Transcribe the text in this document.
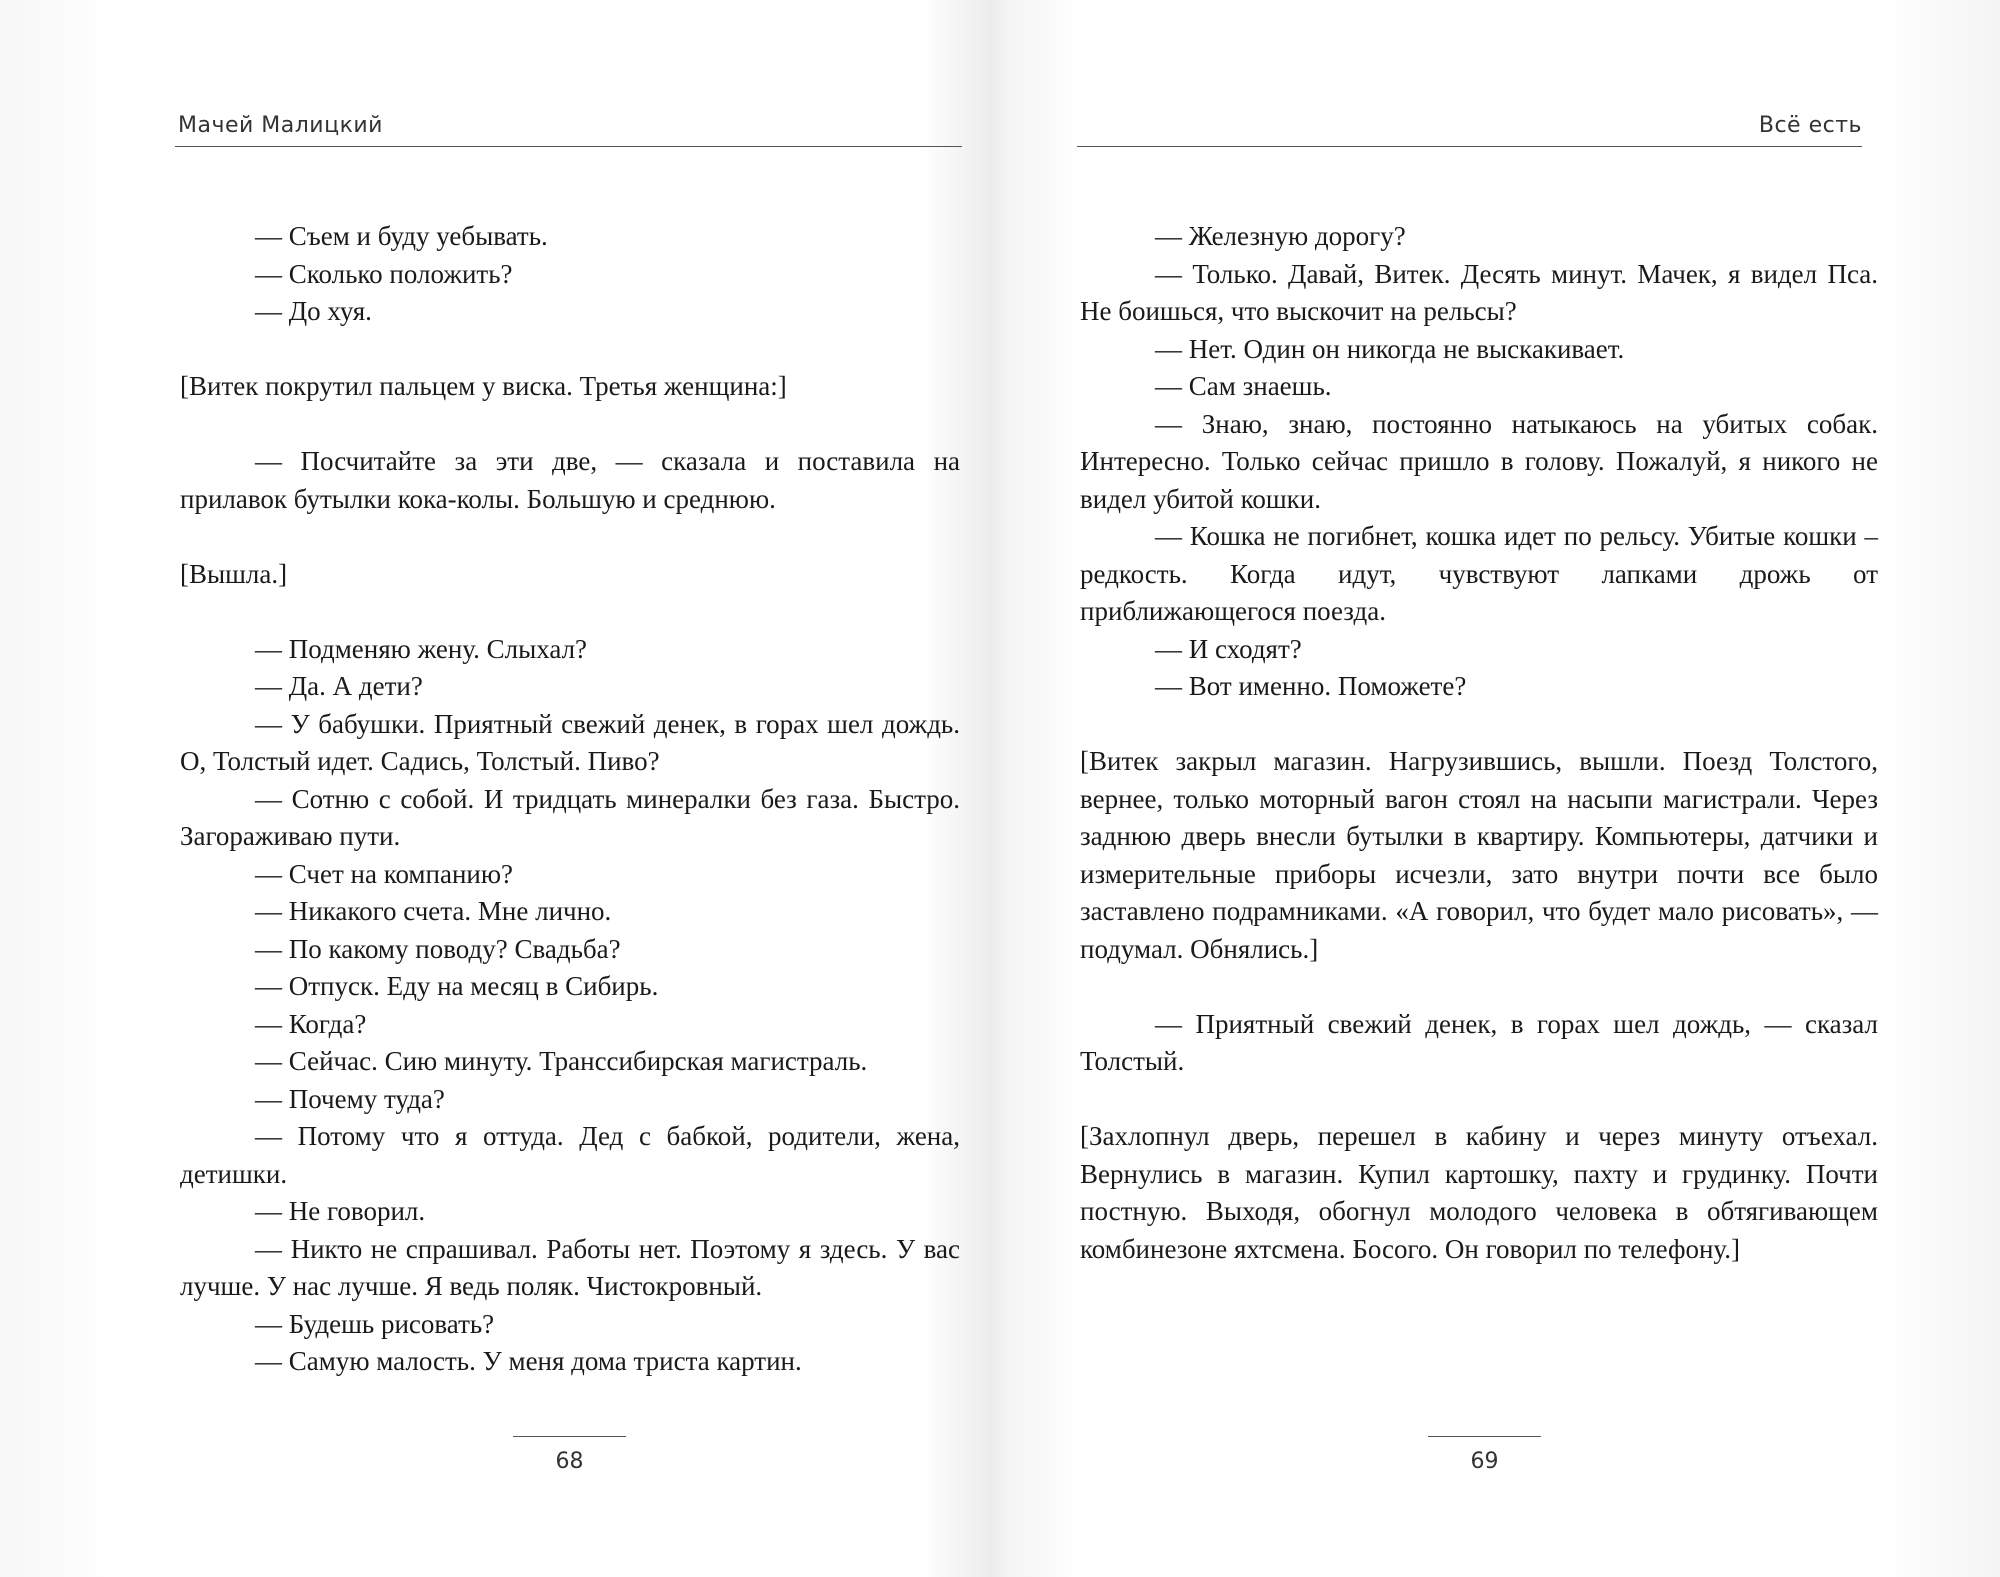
Мачей Малицкий

— Съем и буду уебывать.

— Сколько положить?

— До хуя.

[Витек покрутил пальцем у виска. Третья женщина:]

— Посчитайте за эти две, — сказала и поставила на прилавок бутылки кока-колы. Большую и среднюю.

[Вышла.]

— Подменяю жену. Слыхал?

— Да. А дети?

— У бабушки. Приятный свежий денек, в горах шел дождь. О, Толстый идет. Садись, Толстый. Пиво?

— Сотню с собой. И тридцать минералки без газа. Быстро. Загораживаю пути.

— Счет на компанию?

— Никакого счета. Мне лично.

— По какому поводу? Свадьба?

— Отпуск. Еду на месяц в Сибирь.

— Когда?

— Сейчас. Сию минуту. Транссибирская магистраль.

— Почему туда?

— Потому что я оттуда. Дед с бабкой, родители, жена, детишки.

— Не говорил.

— Никто не спрашивал. Работы нет. Поэтому я здесь. У вас лучше. У нас лучше. Я ведь поляк. Чистокровный.

— Будешь рисовать?

— Самую малость. У меня дома триста картин.

68
Всё есть

— Железную дорогу?

— Только. Давай, Витек. Десять минут. Мачек, я видел Пса. Не боишься, что выскочит на рельсы?

— Нет. Один он никогда не выскакивает.

— Сам знаешь.

— Знаю, знаю, постоянно натыкаюсь на убитых собак. Интересно. Только сейчас пришло в голову. Пожалуй, я никого не видел убитой кошки.

— Кошка не погибнет, кошка идет по рельсу. Убитые кошки – редкость. Когда идут, чувствуют лапками дрожь от приближающегося поезда.

— И сходят?

— Вот именно. Поможете?

[Витек закрыл магазин. Нагрузившись, вышли. Поезд Толстого, вернее, только моторный вагон стоял на насыпи магистрали. Через заднюю дверь внесли бутылки в квартиру. Компьютеры, датчики и измерительные приборы исчезли, зато внутри почти все было заставлено подрамниками. «А говорил, что будет мало рисовать», — подумал. Обнялись.]

— Приятный свежий денек, в горах шел дождь, — сказал Толстый.

[Захлопнул дверь, перешел в кабину и через минуту отъехал. Вернулись в магазин. Купил картошку, пахту и грудинку. Почти постную. Выходя, обогнул молодого человека в обтягивающем комбинезоне яхтсмена. Босого. Он говорил по телефону.]

69
